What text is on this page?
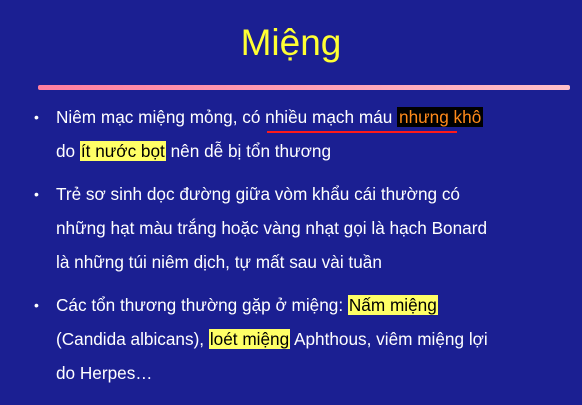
Miệng
• Niêm mạc miệng mỏng, có nhiều mạch máu nhưng khô
do ít nước bọt nên dễ bị tổn thương
• Trẻ sơ sinh dọc đường giữa vòm khẩu cái thường có
những hạt màu trắng hoặc vàng nhạt gọi là hạch Bonard
là những túi niêm dịch, tự mất sau vài tuần
• Các tổn thương thường gặp ở miệng: Nấm miệng
(Candida albicans), loét miệng Aphthous, viêm miệng lợi
do Herpes…
